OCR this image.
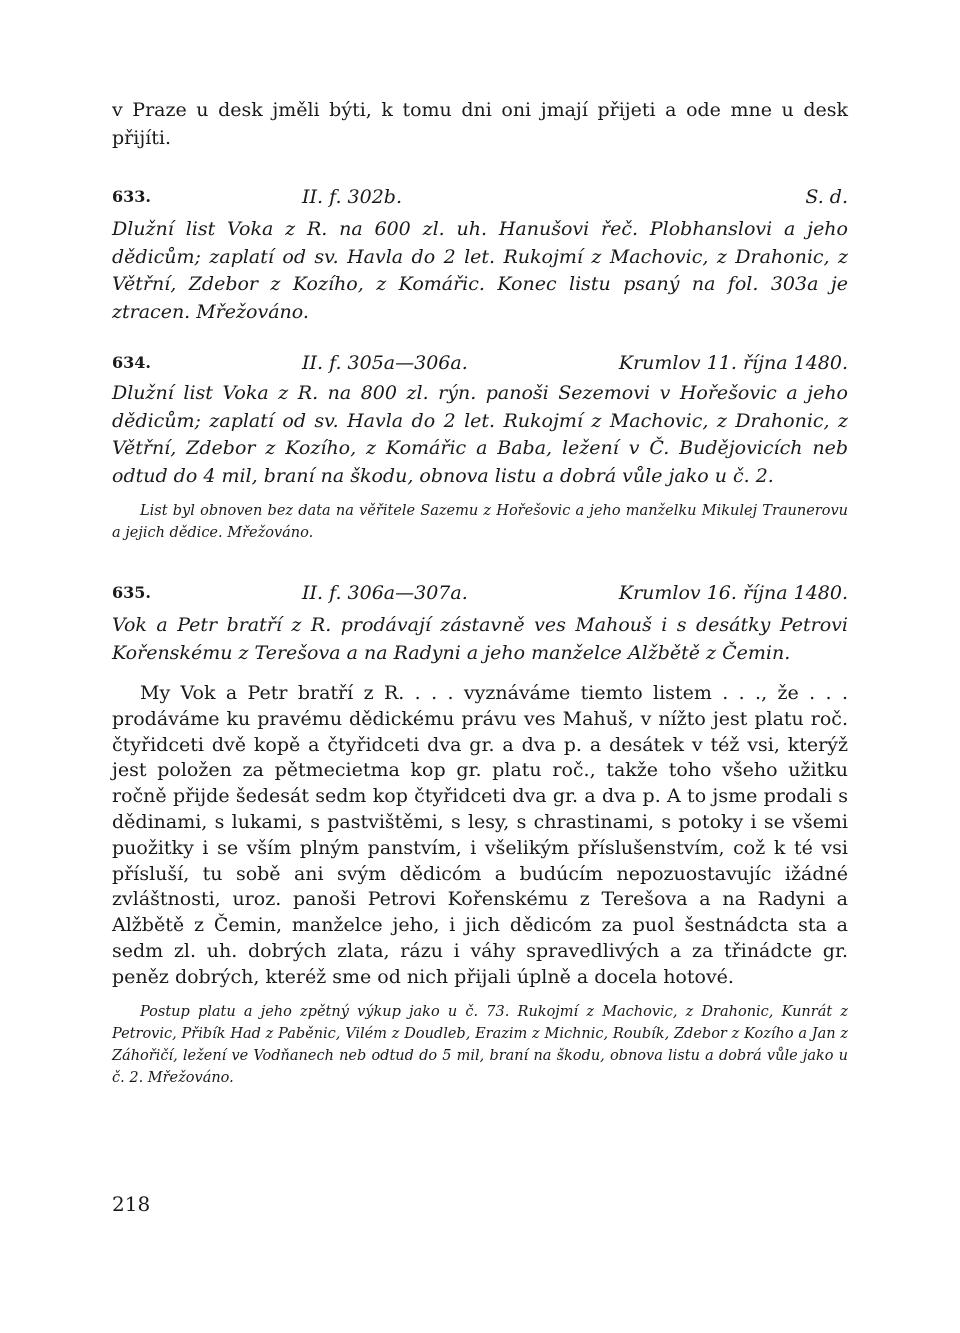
v Praze u desk jměli býti, k tomu dni oni jmají přijeti a ode mne u desk přijíti.

633.	II. f. 302b.	S. d.

Dlužní list Voka z R. na 600 zl. uh. Hanušovi řeč. Plobhanslovi a jeho dědicům; zaplatí od sv. Havla do 2 let. Rukojmí z Machovic, z Drahonic, z Větřní, Zdebor z Kozího, z Komářic. Konec listu psaný na fol. 303a je ztracen. Mřežováno.

634.	II. f. 305a—306a.	Krumlov 11. října 1480.

Dlužní list Voka z R. na 800 zl. rýn. panoši Sezemovi v Hořešovic a jeho dědicům; zaplatí od sv. Havla do 2 let. Rukojmí z Machovic, z Drahonic, z Větřní, Zdebor z Kozího, z Komářic a Baba, ležení v Č. Budějovicích neb odtud do 4 mil, braní na škodu, obnova listu a dobrá vůle jako u č. 2.

List byl obnoven bez data na věřitele Sazemu z Hořešovic a jeho manželku Mikulej Traunerovu a jejich dědice. Mřežováno.

635.	II. f. 306a—307a.	Krumlov 16. října 1480.

Vok a Petr bratří z R. prodávají zástavně ves Mahouš i s desátky Petrovi Kořenskému z Terešova a na Radyni a jeho manželce Alžbětě z Čemin.

My Vok a Petr bratří z R. . . . vyznáváme tiemto listem . . ., že . . . prodáváme ku pravému dědickému právu ves Mahuš, v nížto jest platu roč. čtyřidceti dvě kopě a čtyřidceti dva gr. a dva p. a desátek v též vsi, kterýž jest položen za pětmecietma kop gr. platu roč., takže toho všeho užitku ročně přijde šedesát sedm kop čtyřidceti dva gr. a dva p. A to jsme prodali s dědinami, s lukami, s pastvištěmi, s lesy, s chrastinami, s potoky i se všemi puožitky i se vším plným panstvím, i všelikým příslušenstvím, což k té vsi přísluší, tu sobě ani svým dědicóm a budúcím nepozuostavujíc ižádné zvláštnosti, uroz. panoši Petrovi Kořenskému z Terešova a na Radyni a Alžbětě z Čemin, manželce jeho, i jich dědicóm za puol šestnádcta sta a sedm zl. uh. dobrých zlata, rázu i váhy spravedlivých a za třinádcte gr. peněz dobrých, kteréž sme od nich přijali úplně a docela hotové.

Postup platu a jeho zpětný výkup jako u č. 73. Rukojmí z Machovic, z Drahonic, Kunrát z Petrovic, Přibík Had z Paběnic, Vilém z Doudleb, Erazim z Michnic, Roubík, Zdebor z Kozího a Jan z Záhořičí, ležení ve Vodňanech neb odtud do 5 mil, braní na škodu, obnova listu a dobrá vůle jako u č. 2. Mřežováno.

218
